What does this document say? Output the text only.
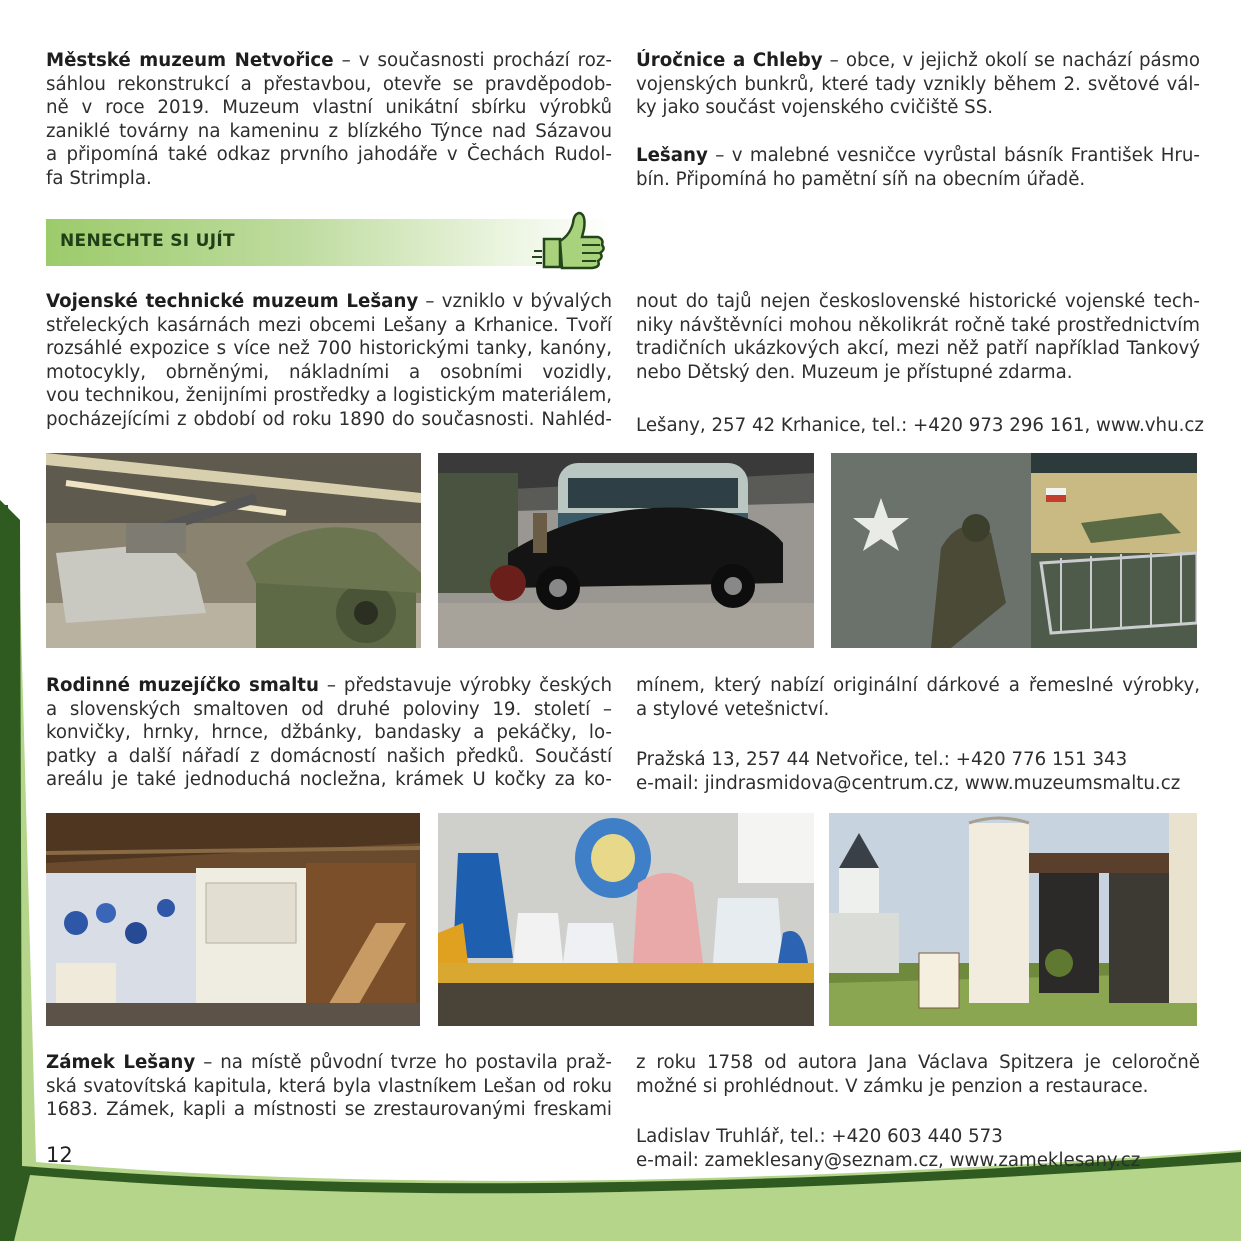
Městské muzeum Netvořice – v současnosti prochází roz-
sáhlou rekonstrukcí a přestavbou, otevře se pravděpodob-
ně v roce 2019. Muzeum vlastní unikátní sbírku výrobků
zaniklé továrny na kameninu z blízkého Týnce nad Sázavou
a připomíná také odkaz prvního jahodáře v Čechách Rudol-
fa Strimpla.
Úročnice a Chleby – obce, v jejichž okolí se nachází pásmo
vojenských bunkrů, které tady vznikly během 2. světové vál-
ky jako součást vojenského cvičiště SS.
Lešany – v malebné vesničce vyrůstal básník František Hru-
bín. Připomíná ho pamětní síň na obecním úřadě.
NENECHTE SI UJÍT
Vojenské technické muzeum Lešany – vzniklo v bývalých
střeleckých kasárnách mezi obcemi Lešany a Krhanice. Tvoří
rozsáhlé expozice s více než 700 historickými tanky, kanóny,
motocykly, obrněnými, nákladními a osobními vozidly,
vou technikou, ženijními prostředky a logistickým materiálem,
pocházejícími z období od roku 1890 do současnosti. Nahléd-
nout do tajů nejen československé historické vojenské tech-
niky návštěvníci mohou několikrát ročně také prostřednictvím
tradičních ukázkových akcí, mezi něž patří například Tankový
nebo Dětský den. Muzeum je přístupné zdarma.
Lešany, 257 42 Krhanice, tel.: +420 973 296 161, www.vhu.cz
Rodinné muzejíčko smaltu – představuje výrobky českých
a slovenských smaltoven od druhé poloviny 19. století –
konvičky, hrnky, hrnce, džbánky, bandasky a pekáčky, lo-
patky a další nářadí z domácností našich předků. Součástí
areálu je také jednoduchá nocležna, krámek U kočky za ko-
mínem, který nabízí originální dárkové a řemeslné výrobky,
a stylové vetešnictví.
Pražská 13, 257 44 Netvořice, tel.: +420 776 151 343
e-mail: jindrasmidova@centrum.cz, www.muzeumsmaltu.cz
Zámek Lešany – na místě původní tvrze ho postavila praž-
ská svatovítská kapitula, která byla vlastníkem Lešan od roku
1683. Zámek, kapli a místnosti se zrestaurovanými freskami
z roku 1758 od autora Jana Václava Spitzera je celoročně
možné si prohlédnout. V zámku je penzion a restaurace.
Ladislav Truhlář, tel.: +420 603 440 573
e-mail: zameklesany@seznam.cz, www.zameklesany.cz
12
